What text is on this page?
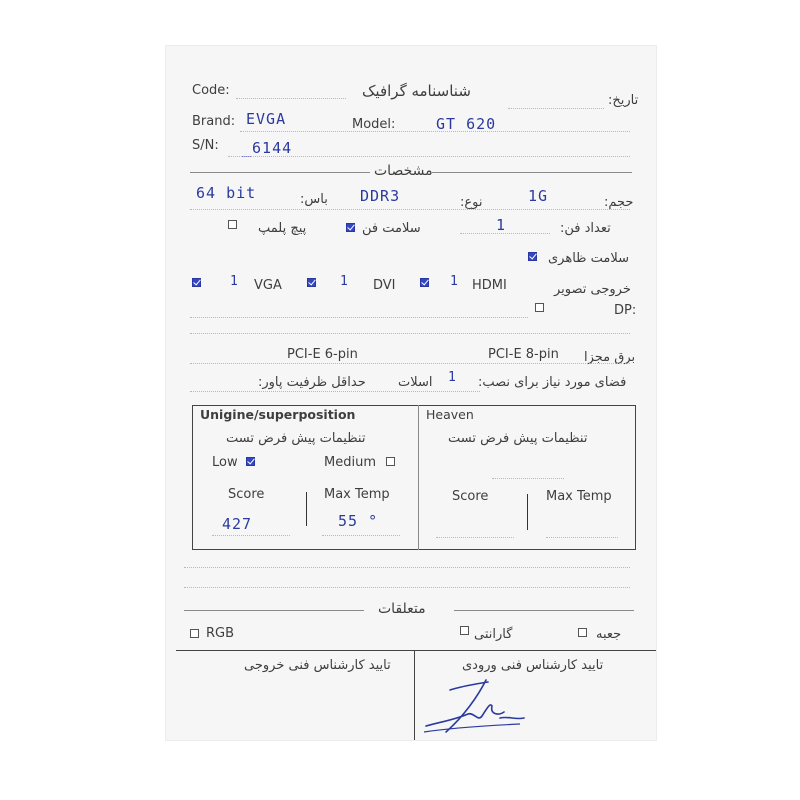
Code:	شناسنامه گرافیک
تاریخ:
Brand: EVGA	Model:	GT 620
S/N: _6144
مشخصات
حجم:
1G
نوع:
DDR3
باس:
64 bit
تعداد فن:
1
سلامت فن
پیچ پلمپ
سلامت ظاهری
خروجی تصویر
HDMI
1
DVI
1
VGA
1
DP:
برق مجزا
PCI-E 8-pin
PCI-E 6-pin
فضای مورد نیاز برای نصب:
1
اسلات
حداقل ظرفیت پاور:
Unigine/superposition
تنظیمات پیش فرض تست
Low	Medium
Score	Max Temp
427	55 °
Heaven
تنظیمات پیش فرض تست
Score	Max Temp
متعلقات
جعبه
گارانتی
RGB
تایید کارشناس فنی ورودی
تایید کارشناس فنی خروجی
